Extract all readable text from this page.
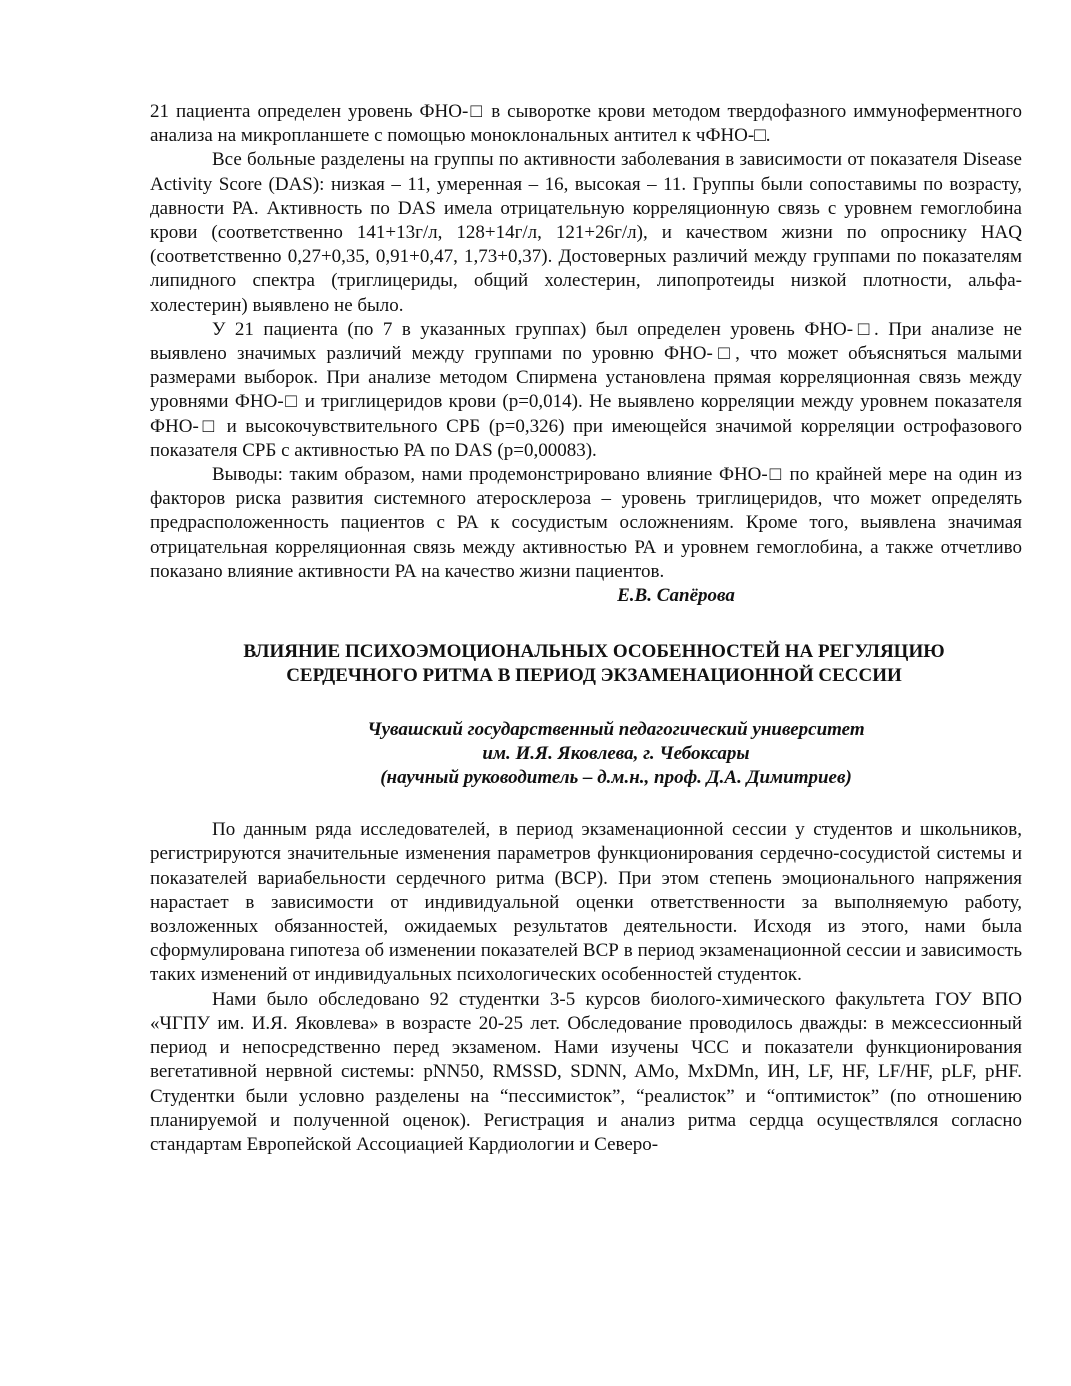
21 пациента определен уровень ФНО-□ в сыворотке крови методом твердофазного иммуноферментного анализа на микропланшете с помощью моноклональных антител к чФНО-□.

Все больные разделены на группы по активности заболевания в зависимости от показателя Disease Activity Score (DAS): низкая – 11, умеренная – 16, высокая – 11. Группы были сопоставимы по возрасту, давности РА. Активность по DAS имела отрицательную корреляционную связь с уровнем гемоглобина крови (соответственно 141+13г/л, 128+14г/л, 121+26г/л), и качеством жизни по опроснику HAQ (соответственно 0,27+0,35, 0,91+0,47, 1,73+0,37). Достоверных различий между группами по показателям липидного спектра (триглицериды, общий холестерин, липопротеиды низкой плотности, альфа-холестерин) выявлено не было.

У 21 пациента (по 7 в указанных группах) был определен уровень ФНО-□. При анализе не выявлено значимых различий между группами по уровню ФНО-□, что может объясняться малыми размерами выборок. При анализе методом Спирмена установлена прямая корреляционная связь между уровнями ФНО-□ и триглицеридов крови (р=0,014). Не выявлено корреляции между уровнем показателя ФНО-□ и высокочувствительного СРБ (р=0,326) при имеющейся значимой корреляции острофазового показателя СРБ с активностью РА по DAS (р=0,00083).

Выводы: таким образом, нами продемонстрировано влияние ФНО-□ по крайней мере на один из факторов риска развития системного атеросклероза – уровень триглицеридов, что может определять предрасположенность пациентов с РА к сосудистым осложнениям. Кроме того, выявлена значимая отрицательная корреляционная связь между активностью РА и уровнем гемоглобина, а также отчетливо показано влияние активности РА на качество жизни пациентов.

Е.В. Сапёрова

ВЛИЯНИЕ ПСИХОЭМОЦИОНАЛЬНЫХ ОСОБЕННОСТЕЙ НА РЕГУЛЯЦИЮ
СЕРДЕЧНОГО РИТМА В ПЕРИОД ЭКЗАМЕНАЦИОННОЙ СЕССИИ

Чувашский государственный педагогический университет
им. И.Я. Яковлева, г. Чебоксары
(научный руководитель – д.м.н., проф. Д.А. Димитриев)

По данным ряда исследователей, в период экзаменационной сессии у студентов и школьников, регистрируются значительные изменения параметров функционирования сердечно-сосудистой системы и показателей вариабельности сердечного ритма (ВСР). При этом степень эмоционального напряжения нарастает в зависимости от индивидуальной оценки ответственности за выполняемую работу, возложенных обязанностей, ожидаемых результатов деятельности. Исходя из этого, нами была сформулирована гипотеза об изменении показателей ВСР в период экзаменационной сессии и зависимость таких изменений от индивидуальных психологических особенностей студенток.

Нами было обследовано 92 студентки 3-5 курсов биолого-химического факультета ГОУ ВПО «ЧГПУ им. И.Я. Яковлева» в возрасте 20-25 лет. Обследование проводилось дважды: в межсессионный период и непосредственно перед экзаменом. Нами изучены ЧСС и показатели функционирования вегетативной нервной системы: pNN50, RMSSD, SDNN, AMo, MxDMn, ИН, LF, HF, LF/HF, pLF, pHF. Студентки были условно разделены на “пессимисток”, “реалисток” и “оптимисток” (по отношению планируемой и полученной оценок). Регистрация и анализ ритма сердца осуществлялся согласно стандартам Европейской Ассоциацией Кардиологии и Северо-
